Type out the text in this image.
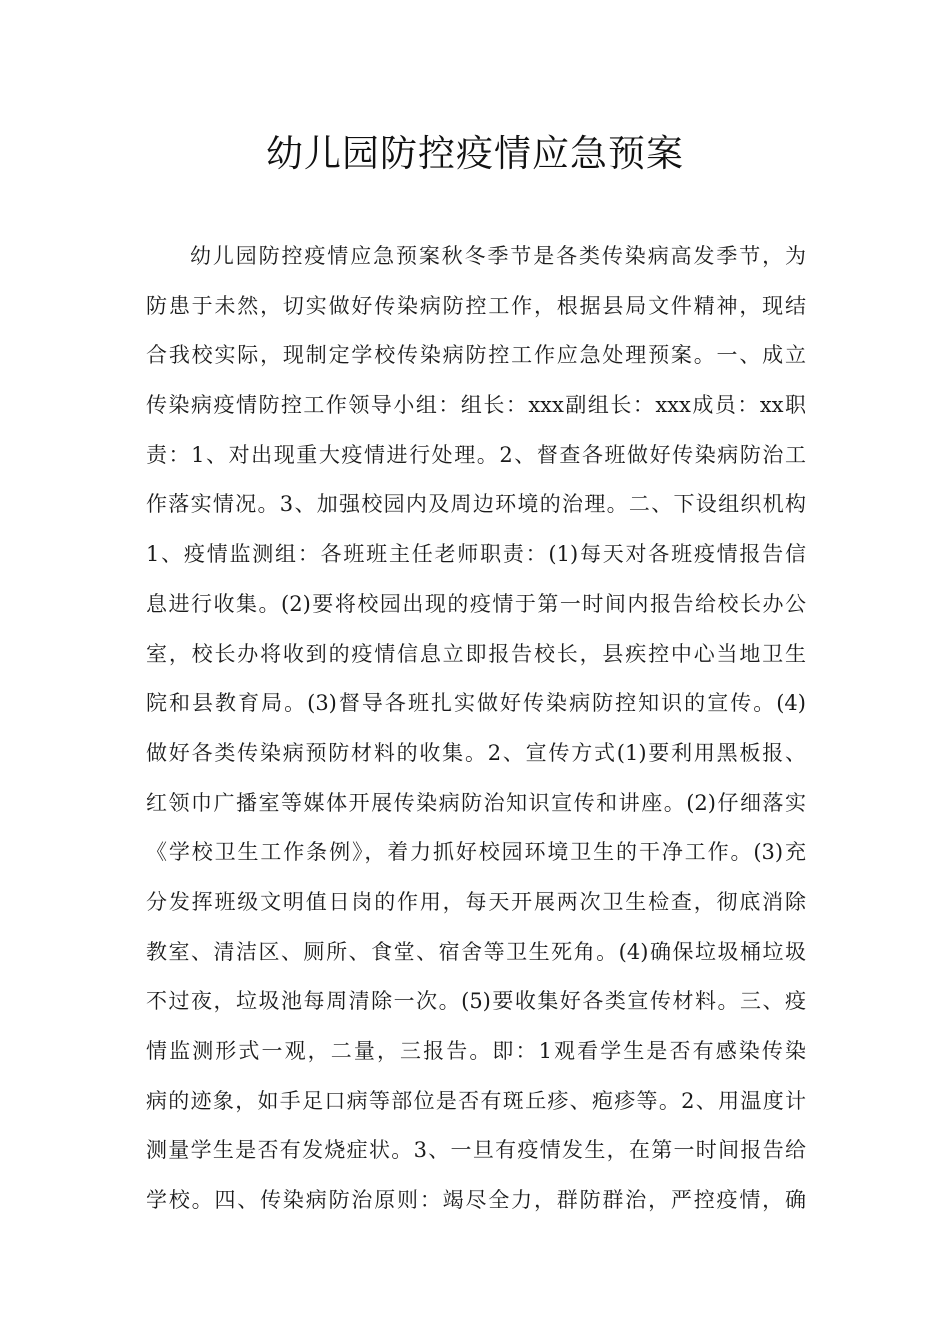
幼儿园防控疫情应急预案
幼儿园防控疫情应急预案秋冬季节是各类传染病高发季节，为
防患于未然，切实做好传染病防控工作，根据县局文件精神，现结
合我校实际，现制定学校传染病防控工作应急处理预案。一、成立
传染病疫情防控工作领导小组：组长：xxx副组长：xxx成员：xx职
责：1、对出现重大疫情进行处理。2、督查各班做好传染病防治工
作落实情况。3、加强校园内及周边环境的治理。二、下设组织机构
1、疫情监测组：各班班主任老师职责：(1)每天对各班疫情报告信
息进行收集。(2)要将校园出现的疫情于第一时间内报告给校长办公
室，校长办将收到的疫情信息立即报告校长，县疾控中心当地卫生
院和县教育局。(3)督导各班扎实做好传染病防控知识的宣传。(4)
做好各类传染病预防材料的收集。2、宣传方式(1)要利用黑板报、
红领巾广播室等媒体开展传染病防治知识宣传和讲座。(2)仔细落实
《学校卫生工作条例》，着力抓好校园环境卫生的干净工作。(3)充
分发挥班级文明值日岗的作用，每天开展两次卫生检查，彻底消除
教室、清洁区、厕所、食堂、宿舍等卫生死角。(4)确保垃圾桶垃圾
不过夜，垃圾池每周清除一次。(5)要收集好各类宣传材料。三、疫
情监测形式一观，二量，三报告。即：1观看学生是否有感染传染
病的迹象，如手足口病等部位是否有斑丘疹、疱疹等。2、用温度计
测量学生是否有发烧症状。3、一旦有疫情发生，在第一时间报告给
学校。四、传染病防治原则：竭尽全力，群防群治，严控疫情，确
